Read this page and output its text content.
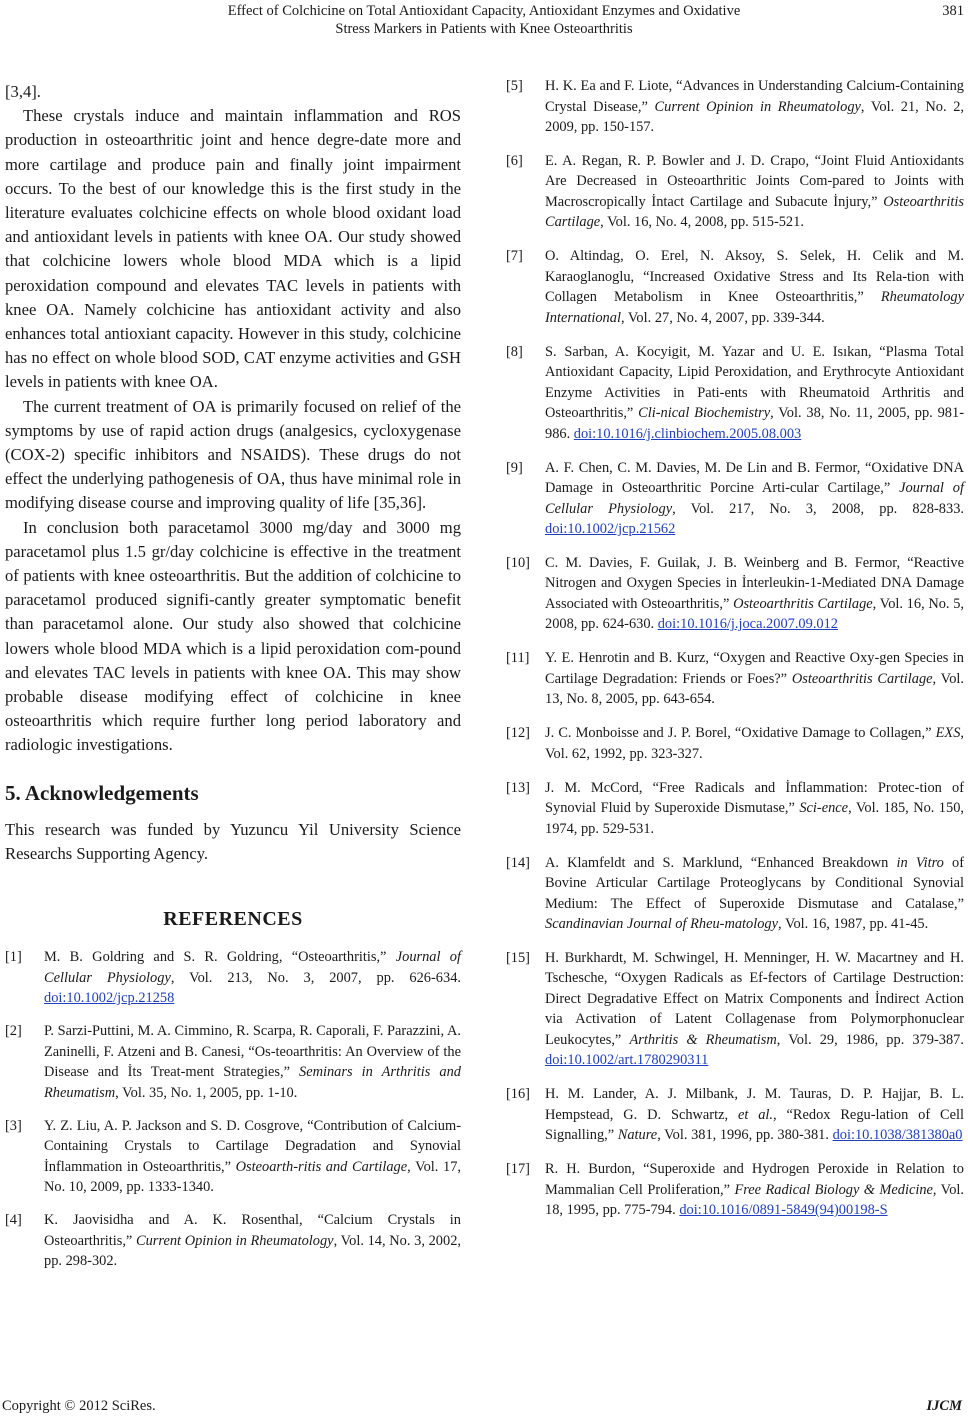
Effect of Colchicine on Total Antioxidant Capacity, Antioxidant Enzymes and Oxidative
Stress Markers in Patients with Knee Osteoarthritis
381

[3,4].

These crystals induce and maintain inflammation and ROS production in osteoarthritic joint and hence degre-date more and more cartilage and produce pain and finally joint impairment occurs. To the best of our knowledge this is the first study in the literature evaluates colchicine effects on whole blood oxidant load and antioxidant levels in patients with knee OA. Our study showed that colchicine lowers whole blood MDA which is a lipid peroxidation compound and elevates TAC levels in patients with knee OA. Namely colchicine has antioxidant activity and also enhances total antioxiant capacity. However in this study, colchicine has no effect on whole blood SOD, CAT enzyme activities and GSH levels in patients with knee OA.

The current treatment of OA is primarily focused on relief of the symptoms by use of rapid action drugs (analgesics, cycloxygenase (COX-2) specific inhibitors and NSAIDS). These drugs do not effect the underlying pathogenesis of OA, thus have minimal role in modifying disease course and improving quality of life [35,36].

In conclusion both paracetamol 3000 mg/day and 3000 mg paracetamol plus 1.5 gr/day colchicine is effective in the treatment of patients with knee osteoarthritis. But the addition of colchicine to paracetamol produced signifi-cantly greater symptomatic benefit than paracetamol alone. Our study also showed that colchicine lowers whole blood MDA which is a lipid peroxidation com-pound and elevates TAC levels in patients with knee OA. This may show probable disease modifying effect of colchicine in knee osteoarthritis which require further long period laboratory and radiologic investigations.

5. Acknowledgements

This research was funded by Yuzuncu Yil University Science Researchs Supporting Agency.

REFERENCES
[1] M. B. Goldring and S. R. Goldring, “Osteoarthritis,” Journal of Cellular Physiology, Vol. 213, No. 3, 2007, pp. 626-634. doi:10.1002/jcp.21258
[2] P. Sarzi-Puttini, M. A. Cimmino, R. Scarpa, R. Caporali, F. Parazzini, A. Zaninelli, F. Atzeni and B. Canesi, “Os-teoarthritis: An Overview of the Disease and İts Treat-ment Strategies,” Seminars in Arthritis and Rheumatism, Vol. 35, No. 1, 2005, pp. 1-10.
[3] Y. Z. Liu, A. P. Jackson and S. D. Cosgrove, “Contribution of Calcium-Containing Crystals to Cartilage Degradation and Synovial İnflammation in Osteoarthritis,” Osteoarth-ritis and Cartilage, Vol. 17, No. 10, 2009, pp. 1333-1340.
[4] K. Jaovisidha and A. K. Rosenthal, “Calcium Crystals in Osteoarthritis,” Current Opinion in Rheumatology, Vol. 14, No. 3, 2002, pp. 298-302.
[5] H. K. Ea and F. Liote, “Advances in Understanding Calcium-Containing Crystal Disease,” Current Opinion in Rheumatology, Vol. 21, No. 2, 2009, pp. 150-157.
[6] E. A. Regan, R. P. Bowler and J. D. Crapo, “Joint Fluid Antioxidants Are Decreased in Osteoarthritic Joints Com-pared to Joints with Macroscropically İntact Cartilage and Subacute İnjury,” Osteoarthritis Cartilage, Vol. 16, No. 4, 2008, pp. 515-521.
[7] O. Altindag, O. Erel, N. Aksoy, S. Selek, H. Celik and M. Karaoglanoglu, “Increased Oxidative Stress and Its Rela-tion with Collagen Metabolism in Knee Osteoarthritis,” Rheumatology International, Vol. 27, No. 4, 2007, pp. 339-344.
[8] S. Sarban, A. Kocyigit, M. Yazar and U. E. Isıkan, “Plasma Total Antioxidant Capacity, Lipid Peroxidation, and Erythrocyte Antioxidant Enzyme Activities in Pati-ents with Rheumatoid Arthritis and Osteoarthritis,” Cli-nical Biochemistry, Vol. 38, No. 11, 2005, pp. 981-986. doi:10.1016/j.clinbiochem.2005.08.003
[9] A. F. Chen, C. M. Davies, M. De Lin and B. Fermor, “Oxidative DNA Damage in Osteoarthritic Porcine Arti-cular Cartilage,” Journal of Cellular Physiology, Vol. 217, No. 3, 2008, pp. 828-833. doi:10.1002/jcp.21562
[10] C. M. Davies, F. Guilak, J. B. Weinberg and B. Fermor, “Reactive Nitrogen and Oxygen Species in İnterleukin-1-Mediated DNA Damage Associated with Osteoarthritis,” Osteoarthritis Cartilage, Vol. 16, No. 5, 2008, pp. 624-630. doi:10.1016/j.joca.2007.09.012
[11] Y. E. Henrotin and B. Kurz, “Oxygen and Reactive Oxy-gen Species in Cartilage Degradation: Friends or Foes?” Osteoarthritis Cartilage, Vol. 13, No. 8, 2005, pp. 643-654.
[12] J. C. Monboisse and J. P. Borel, “Oxidative Damage to Collagen,” EXS, Vol. 62, 1992, pp. 323-327.
[13] J. M. McCord, “Free Radicals and İnflammation: Protec-tion of Synovial Fluid by Superoxide Dismutase,” Sci-ence, Vol. 185, No. 150, 1974, pp. 529-531.
[14] A. Klamfeldt and S. Marklund, “Enhanced Breakdown in Vitro of Bovine Articular Cartilage Proteoglycans by Conditional Synovial Medium: The Effect of Superoxide Dismutase and Catalase,” Scandinavian Journal of Rheu-matology, Vol. 16, 1987, pp. 41-45.
[15] H. Burkhardt, M. Schwingel, H. Menninger, H. W. Macartney and H. Tschesche, “Oxygen Radicals as Ef-fectors of Cartilage Destruction: Direct Degradative Effect on Matrix Components and İndirect Action via Activation of Latent Collagenase from Polymorphonuclear Leukocytes,” Arthritis & Rheumatism, Vol. 29, 1986, pp. 379-387. doi:10.1002/art.1780290311
[16] H. M. Lander, A. J. Milbank, J. M. Tauras, D. P. Hajjar, B. L. Hempstead, G. D. Schwartz, et al., “Redox Regu-lation of Cell Signalling,” Nature, Vol. 381, 1996, pp. 380-381. doi:10.1038/381380a0
[17] R. H. Burdon, “Superoxide and Hydrogen Peroxide in Relation to Mammalian Cell Proliferation,” Free Radical Biology & Medicine, Vol. 18, 1995, pp. 775-794. doi:10.1016/0891-5849(94)00198-S
Copyright © 2012 SciRes.	IJCM
